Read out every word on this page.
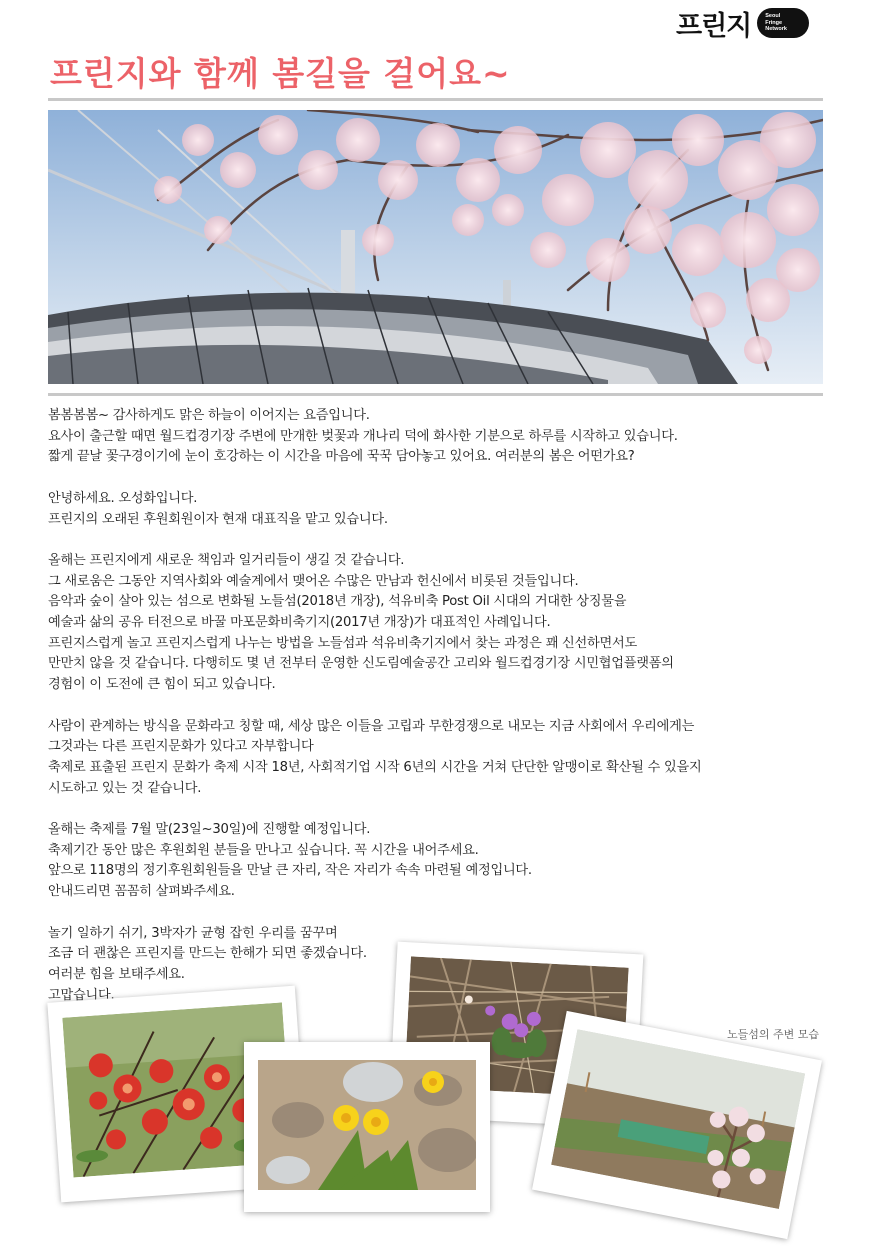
프린지	Seoul
Fringe
Network
프린지와 함께 봄길을 걸어요~

봄봄봄봄~ 감사하게도 맑은 하늘이 이어지는 요즘입니다.
요사이 출근할 때면 월드컵경기장 주변에 만개한 벚꽃과 개나리 덕에 화사한 기분으로 하루를 시작하고 있습니다.
짧게 끝날 꽃구경이기에 눈이 호강하는 이 시간을 마음에 꾹꾹 담아놓고 있어요. 여러분의 봄은 어떤가요?

안녕하세요. 오성화입니다.
프린지의 오래된 후원회원이자 현재 대표직을 맡고 있습니다.

올해는 프린지에게 새로운 책임과 일거리들이 생길 것 같습니다.
그 새로움은 그동안 지역사회와 예술계에서 맺어온 수많은 만남과 헌신에서 비롯된 것들입니다.
음악과 숲이 살아 있는 섬으로 변화될 노들섬(2018년 개장), 석유비축 Post Oil 시대의 거대한 상징물을
예술과 삶의 공유 터전으로 바꿀 마포문화비축기지(2017년 개장)가 대표적인 사례입니다.
프린지스럽게 놀고 프린지스럽게 나누는 방법을 노들섬과 석유비축기지에서 찾는 과정은 꽤 신선하면서도
만만치 않을 것 같습니다. 다행히도 몇 년 전부터 운영한 신도림예술공간 고리와 월드컵경기장 시민협업플랫폼의
경험이 이 도전에 큰 힘이 되고 있습니다.

사람이 관계하는 방식을 문화라고 칭할 때, 세상 많은 이들을 고립과 무한경쟁으로 내모는 지금 사회에서 우리에게는
그것과는 다른 프린지문화가 있다고 자부합니다
축제로 표출된 프린지 문화가 축제 시작 18년, 사회적기업 시작 6년의 시간을 거쳐 단단한 알맹이로 확산될 수 있을지
시도하고 있는 것 같습니다.

올해는 축제를 7월 말(23일~30일)에 진행할 예정입니다.
축제기간 동안 많은 후원회원 분들을 만나고 싶습니다. 꼭 시간을 내어주세요.
앞으로 118명의 정기후원회원들을 만날 큰 자리, 작은 자리가 속속 마련될 예정입니다.
안내드리면 꼼꼼히 살펴봐주세요.

놀기 일하기 쉬기, 3박자가 균형 잡힌 우리를 꿈꾸며
조금 더 괜찮은 프린지를 만드는 한해가 되면 좋겠습니다.
여러분 힘을 보태주세요.
고맙습니다.

노들섬의 주변 모습
